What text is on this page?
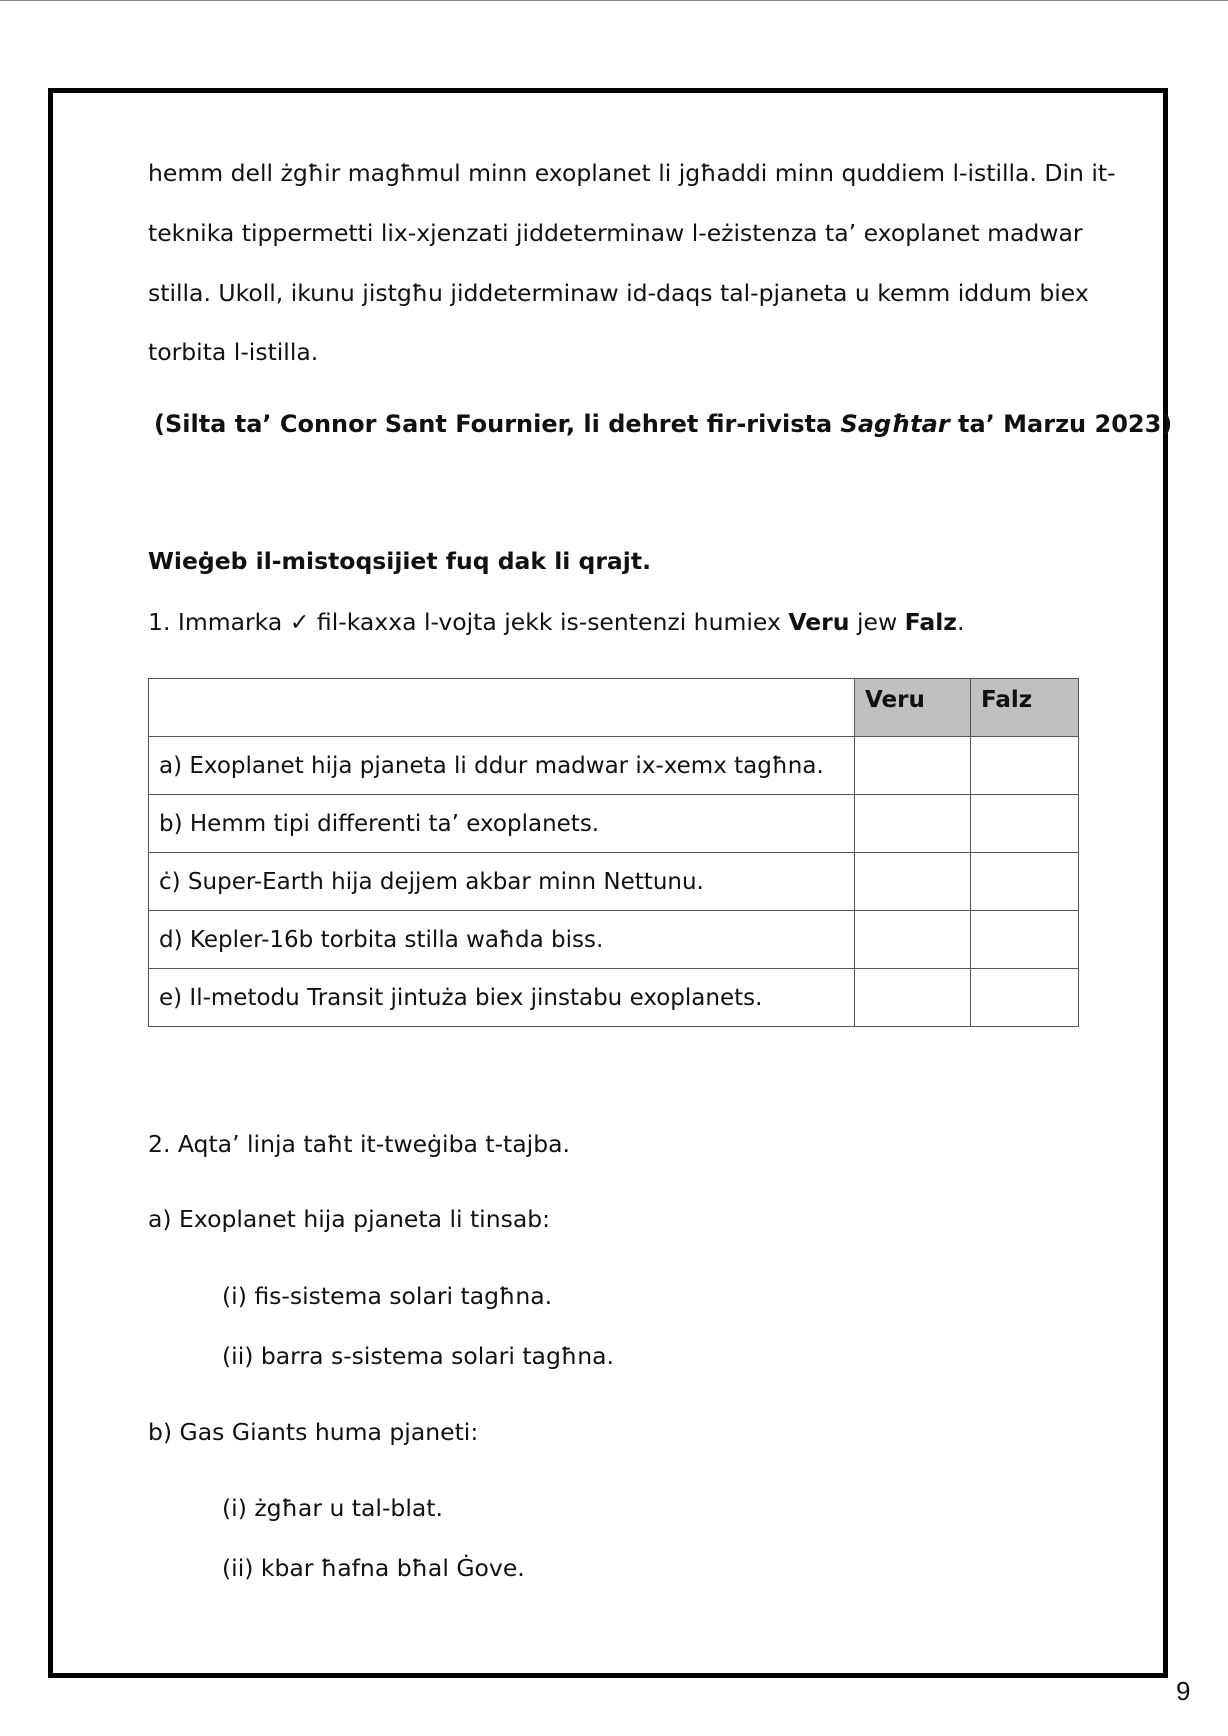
hemm dell żgħir magħmul minn exoplanet li jgħaddi minn quddiem l-istilla. Din it-
teknika tippermetti lix-xjenzati jiddeterminaw l-eżistenza ta’ exoplanet madwar
stilla. Ukoll, ikunu jistgħu jiddeterminaw id-daqs tal-pjaneta u kemm iddum biex
torbita l-istilla.
(Silta ta’ Connor Sant Fournier, li dehret fir-rivista Sagħtar ta’ Marzu 2023)
Wieġeb il-mistoqsijiet fuq dak li qrajt.
1. Immarka ✓ fil-kaxxa l-vojta jekk is-sentenzi humiex Veru jew Falz.
	Veru	Falz
a) Exoplanet hija pjaneta li ddur madwar ix-xemx tagħna.		
b) Hemm tipi differenti ta’ exoplanets.		
ċ) Super-Earth hija dejjem akbar minn Nettunu.		
d) Kepler-16b torbita stilla waħda biss.		
e) Il-metodu Transit jintuża biex jinstabu exoplanets.		
2. Aqta’ linja taħt it-tweġiba t-tajba.
a) Exoplanet hija pjaneta li tinsab:
(i) fis-sistema solari tagħna.
(ii) barra s-sistema solari tagħna.
b) Gas Giants huma pjaneti:
(i) żgħar u tal-blat.
(ii) kbar ħafna bħal Ġove.
9
